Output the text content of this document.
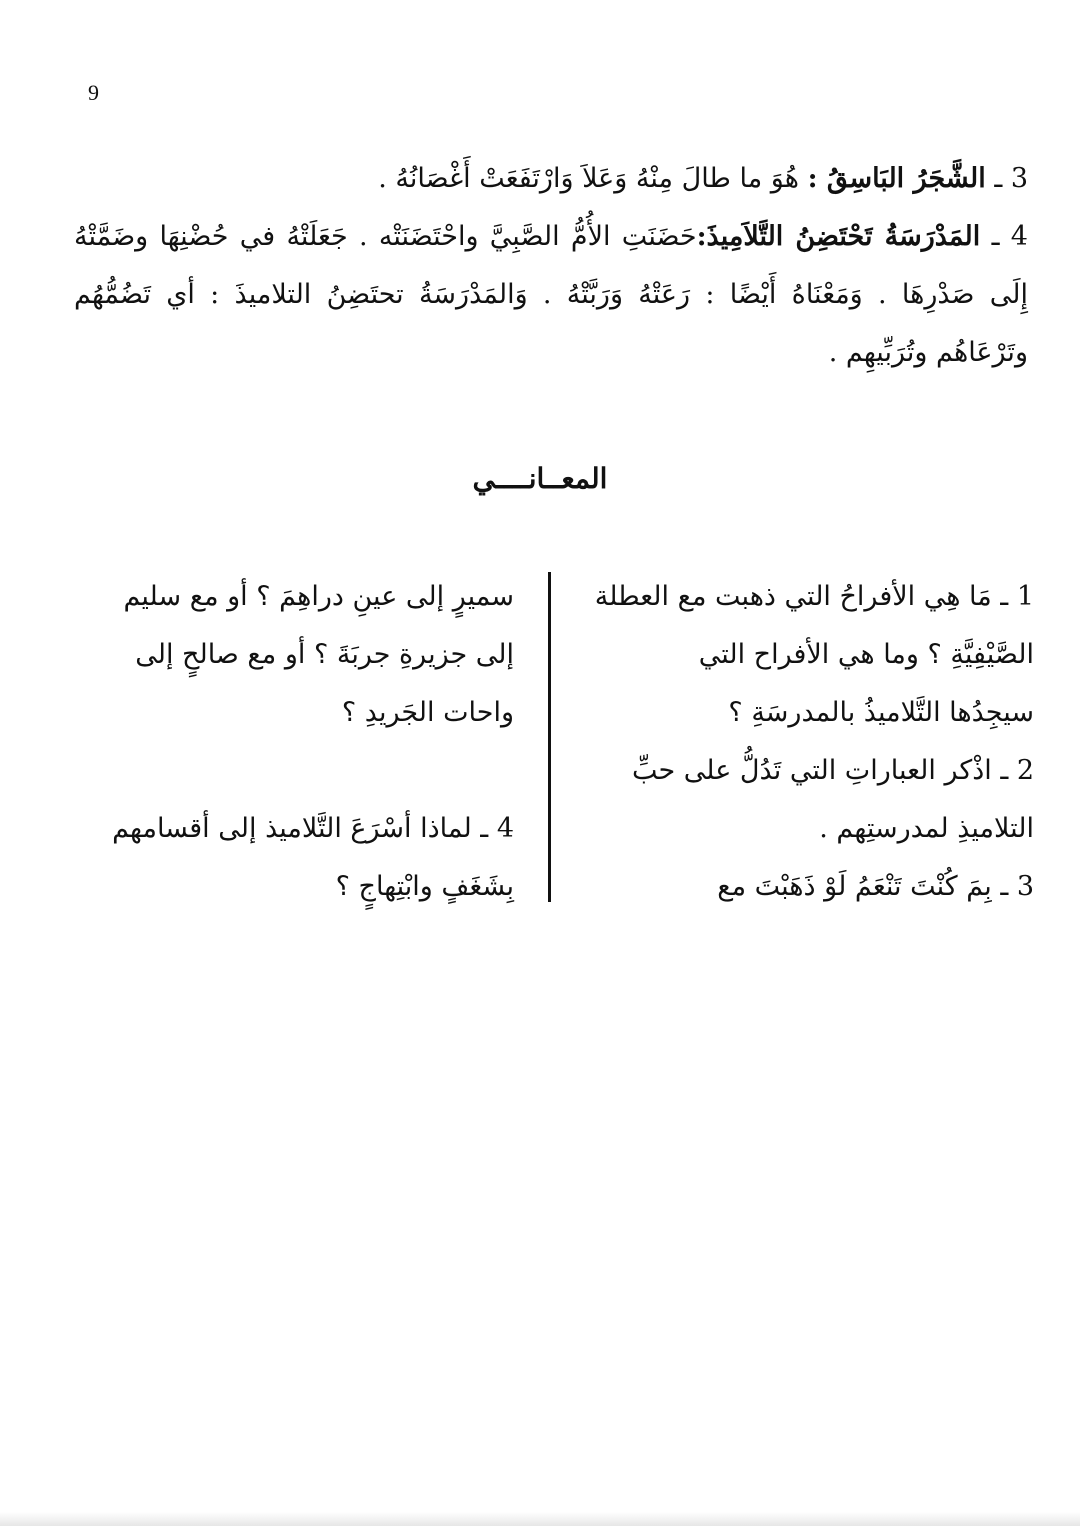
9

3 ـ الشَّجَرُ البَاسِقُ : هُوَ ما طالَ مِنْهُ وَعَلاَ وَارْتَفَعَتْ أَغْصَانُهُ .

4 ـ المَدْرَسَةُ تَحْتَضِنُ التَّلاَمِيذَ:حَضَنَتِ الأُمُّ الصَّبِيَّ واحْتَضَنَتْه . جَعَلَتْهُ في حُضْنِهَا وضَمَّتْهُ إِلَى صَدْرِهَا . وَمَعْنَاهُ أَيْضًا : رَعَتْهُ وَرَبَّتْهُ . وَالمَدْرَسَةُ تحتَضِنُ التلاميذَ : أي تَضُمُّهُم وتَرْعَاهُم وتُرَبِّيهِم .

المعــانــــي

1 ـ مَا هِي الأفراحُ التي ذهبت مع العطلة

الصَّيْفِيَّةِ ؟ وما هي الأفراح التي

سيجِدُها التَّلاميذُ بالمدرسَةِ ؟

2 ـ اذْكر العباراتِ التي تَدُلُّ على حبِّ

التلاميذِ لمدرستِهم .

3 ـ بِمَ كُنْتَ تَنْعَمُ لَوْ ذَهَبْتَ مع

سميرٍ إلى عينِ دراهِمَ ؟ أو مع سليم

إلى جزيرةِ جربَةَ ؟ أو مع صالحٍ إلى

واحات الجَريدِ ؟

4 ـ لماذا أسْرَعَ التَّلاميذ إلى أقسامهم

بِشَغَفٍ وابْتِهاجٍ ؟
